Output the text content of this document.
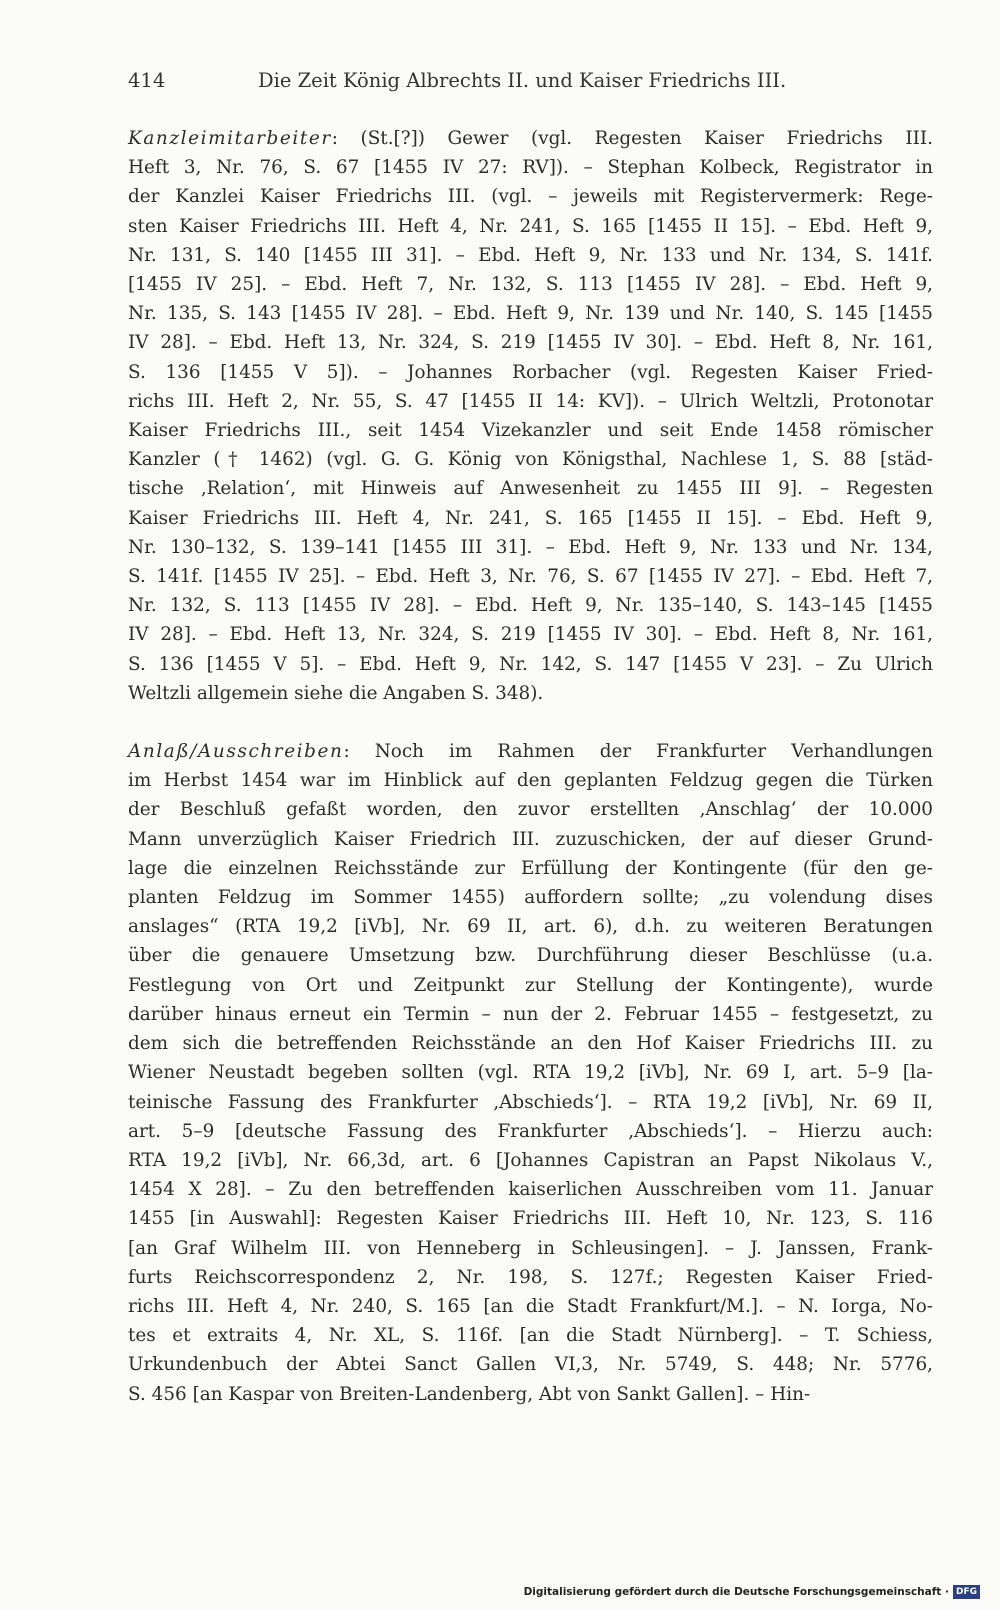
414	Die Zeit König Albrechts II. und Kaiser Friedrichs III.
Kanzleimitarbeiter: (St.[?]) Gewer (vgl. Regesten Kaiser Friedrichs III.
Heft 3, Nr. 76, S. 67 [1455 IV 27: RV]). – Stephan Kolbeck, Registrator in
der Kanzlei Kaiser Friedrichs III. (vgl. – jeweils mit Registervermerk: Rege-
sten Kaiser Friedrichs III. Heft 4, Nr. 241, S. 165 [1455 II 15]. – Ebd. Heft 9,
Nr. 131, S. 140 [1455 III 31]. – Ebd. Heft 9, Nr. 133 und Nr. 134, S. 141f.
[1455 IV 25]. – Ebd. Heft 7, Nr. 132, S. 113 [1455 IV 28]. – Ebd. Heft 9,
Nr. 135, S. 143 [1455 IV 28]. – Ebd. Heft 9, Nr. 139 und Nr. 140, S. 145 [1455
IV 28]. – Ebd. Heft 13, Nr. 324, S. 219 [1455 IV 30]. – Ebd. Heft 8, Nr. 161,
S. 136 [1455 V 5]). – Johannes Rorbacher (vgl. Regesten Kaiser Fried-
richs III. Heft 2, Nr. 55, S. 47 [1455 II 14: KV]). – Ulrich Weltzli, Protonotar
Kaiser Friedrichs III., seit 1454 Vizekanzler und seit Ende 1458 römischer
Kanzler († 1462) (vgl. G. G. König von Königsthal, Nachlese 1, S. 88 [städ-
tische ‚Relation‘, mit Hinweis auf Anwesenheit zu 1455 III 9]. – Regesten
Kaiser Friedrichs III. Heft 4, Nr. 241, S. 165 [1455 II 15]. – Ebd. Heft 9,
Nr. 130–132, S. 139–141 [1455 III 31]. – Ebd. Heft 9, Nr. 133 und Nr. 134,
S. 141f. [1455 IV 25]. – Ebd. Heft 3, Nr. 76, S. 67 [1455 IV 27]. – Ebd. Heft 7,
Nr. 132, S. 113 [1455 IV 28]. – Ebd. Heft 9, Nr. 135–140, S. 143–145 [1455
IV 28]. – Ebd. Heft 13, Nr. 324, S. 219 [1455 IV 30]. – Ebd. Heft 8, Nr. 161,
S. 136 [1455 V 5]. – Ebd. Heft 9, Nr. 142, S. 147 [1455 V 23]. – Zu Ulrich
Weltzli allgemein siehe die Angaben S. 348).
Anlaß/Ausschreiben: Noch im Rahmen der Frankfurter Verhandlungen
im Herbst 1454 war im Hinblick auf den geplanten Feldzug gegen die Türken
der Beschluß gefaßt worden, den zuvor erstellten ‚Anschlag‘ der 10.000
Mann unverzüglich Kaiser Friedrich III. zuzuschicken, der auf dieser Grund-
lage die einzelnen Reichsstände zur Erfüllung der Kontingente (für den ge-
planten Feldzug im Sommer 1455) auffordern sollte; „zu volendung dises
anslages“ (RTA 19,2 [iVb], Nr. 69 II, art. 6), d.h. zu weiteren Beratungen
über die genauere Umsetzung bzw. Durchführung dieser Beschlüsse (u.a.
Festlegung von Ort und Zeitpunkt zur Stellung der Kontingente), wurde
darüber hinaus erneut ein Termin – nun der 2. Februar 1455 – festgesetzt, zu
dem sich die betreffenden Reichsstände an den Hof Kaiser Friedrichs III. zu
Wiener Neustadt begeben sollten (vgl. RTA 19,2 [iVb], Nr. 69 I, art. 5–9 [la-
teinische Fassung des Frankfurter ‚Abschieds‘]. – RTA 19,2 [iVb], Nr. 69 II,
art. 5–9 [deutsche Fassung des Frankfurter ‚Abschieds‘]. – Hierzu auch:
RTA 19,2 [iVb], Nr. 66,3d, art. 6 [Johannes Capistran an Papst Nikolaus V.,
1454 X 28]. – Zu den betreffenden kaiserlichen Ausschreiben vom 11. Januar
1455 [in Auswahl]: Regesten Kaiser Friedrichs III. Heft 10, Nr. 123, S. 116
[an Graf Wilhelm III. von Henneberg in Schleusingen]. – J. Janssen, Frank-
furts Reichscorrespondenz 2, Nr. 198, S. 127f.; Regesten Kaiser Fried-
richs III. Heft 4, Nr. 240, S. 165 [an die Stadt Frankfurt/M.]. – N. Iorga, No-
tes et extraits 4, Nr. XL, S. 116f. [an die Stadt Nürnberg]. – T. Schiess,
Urkundenbuch der Abtei Sanct Gallen VI,3, Nr. 5749, S. 448; Nr. 5776,
S. 456 [an Kaspar von Breiten-Landenberg, Abt von Sankt Gallen]. – Hin-
Digitalisierung gefördert durch die Deutsche Forschungsgemeinschaft · DFG
